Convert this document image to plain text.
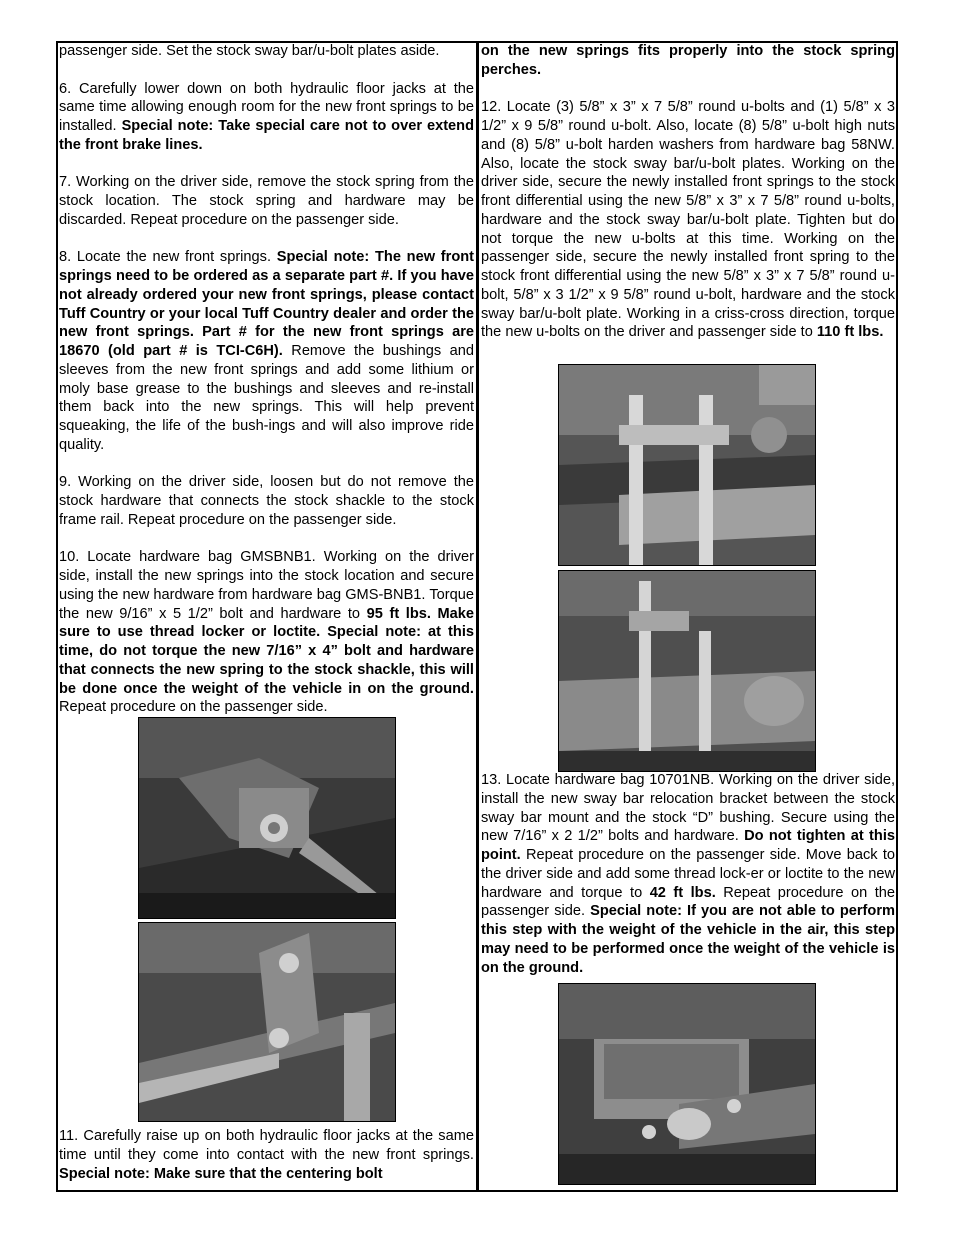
passenger side. Set the stock sway bar/u-bolt plates aside.

6. Carefully lower down on both hydraulic floor jacks at the same time allowing enough room for the new front springs to be installed. Special note: Take special care not to over extend the front brake lines.

7. Working on the driver side, remove the stock spring from the stock location. The stock spring and hardware may be discarded. Repeat procedure on the passenger side.

8. Locate the new front springs. Special note: The new front springs need to be ordered as a separate part #. If you have not already ordered your new front springs, please contact Tuff Country or your local Tuff Country dealer and order the new front springs. Part # for the new front springs are 18670 (old part # is TCI-C6H). Remove the bushings and sleeves from the new front springs and add some lithium or moly base grease to the bushings and sleeves and re-install them back into the new springs. This will help prevent squeaking, the life of the bush-ings and will also improve ride quality.

9. Working on the driver side, loosen but do not remove the stock hardware that connects the stock shackle to the stock frame rail. Repeat procedure on the passenger side.

10. Locate hardware bag GMSBNB1. Working on the driver side, install the new springs into the stock location and secure using the new hardware from hardware bag GMS-BNB1. Torque the new 9/16” x 5 1/2” bolt and hardware to 95 ft lbs. Make sure to use thread locker or loctite. Special note: at this time, do not torque the new 7/16” x 4” bolt and hardware that connects the new spring to the stock shackle, this will be done once the weight of the vehicle in on the ground. Repeat procedure on the passenger side.

11. Carefully raise up on both hydraulic floor jacks at the same time until they come into contact with the new front springs. Special note: Make sure that the centering bolt

on the new springs fits properly into the stock spring perches.

12. Locate (3) 5/8” x 3” x 7 5/8” round u-bolts and (1) 5/8” x 3 1/2” x 9 5/8” round u-bolt. Also, locate (8) 5/8” u-bolt high nuts and (8) 5/8” u-bolt harden washers from hardware bag 58NW. Also, locate the stock sway bar/u-bolt plates. Working on the driver side, secure the newly installed front springs to the stock front differential using the new 5/8” x 3” x 7 5/8” round u-bolts, hardware and the stock sway bar/u-bolt plate. Tighten but do not torque the new u-bolts at this time. Working on the passenger side, secure the newly installed front spring to the stock front differential using the new 5/8” x 3” x 7 5/8” round u-bolt, 5/8” x 3 1/2” x 9 5/8” round u-bolt, hardware and the stock sway bar/u-bolt plate. Working in a criss-cross direction, torque the new u-bolts on the driver and passenger side to 110 ft lbs.

13. Locate hardware bag 10701NB. Working on the driver side, install the new sway bar relocation bracket between the stock sway bar mount and the stock “D” bushing. Secure using the new 7/16” x 2 1/2” bolts and hardware. Do not tighten at this point. Repeat procedure on the passenger side. Move back to the driver side and add some thread lock-er or loctite to the new hardware and torque to 42 ft lbs. Repeat procedure on the passenger side. Special note: If you are not able to perform this step with the weight of the vehicle in the air, this step may need to be performed once the weight of the vehicle is on the ground.
